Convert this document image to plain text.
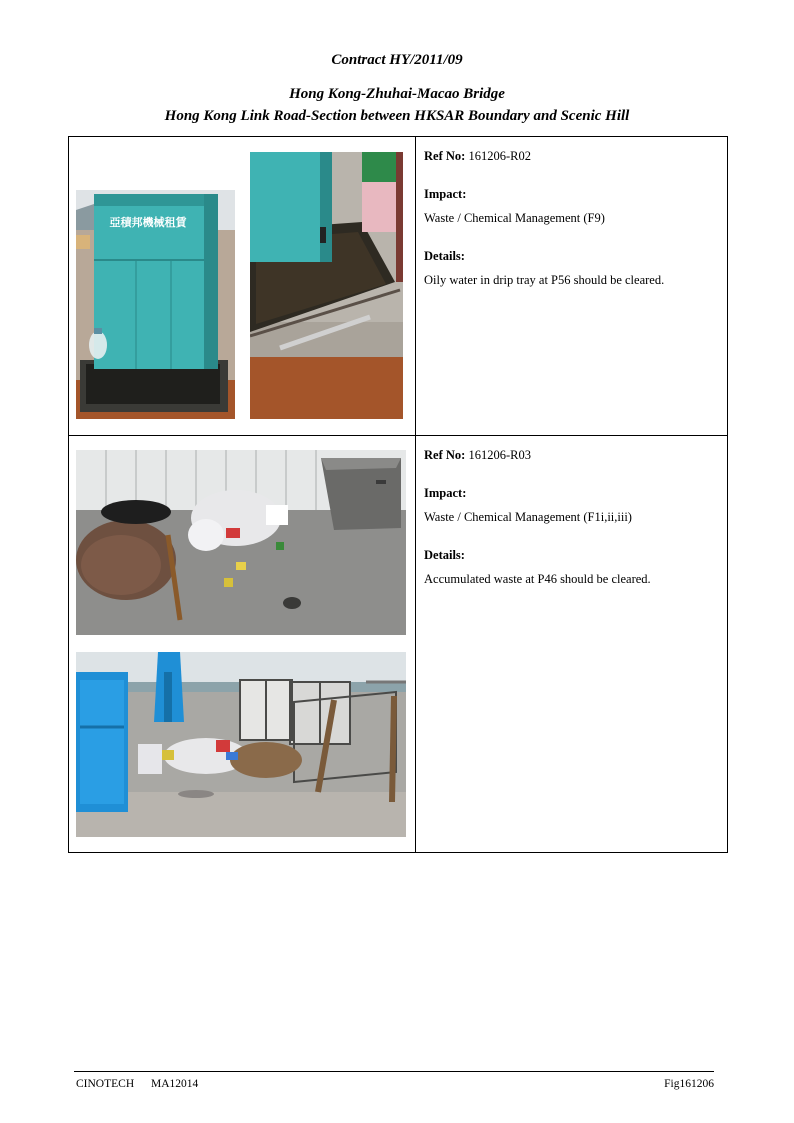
Contract HY/2011/09
Hong Kong-Zhuhai-Macao Bridge
Hong Kong Link Road-Section between HKSAR Boundary and Scenic Hill
亞積邦機械租賃
Ref No: 161206-R02
Impact:
Waste / Chemical Management (F9)
Details:
Oily water in drip tray at P56 should be cleared.
Ref No: 161206-R03
Impact:
Waste / Chemical Management (F1i,ii,iii)
Details:
Accumulated waste at P46 should be cleared.
CINOTECH MA12014	Fig161206
